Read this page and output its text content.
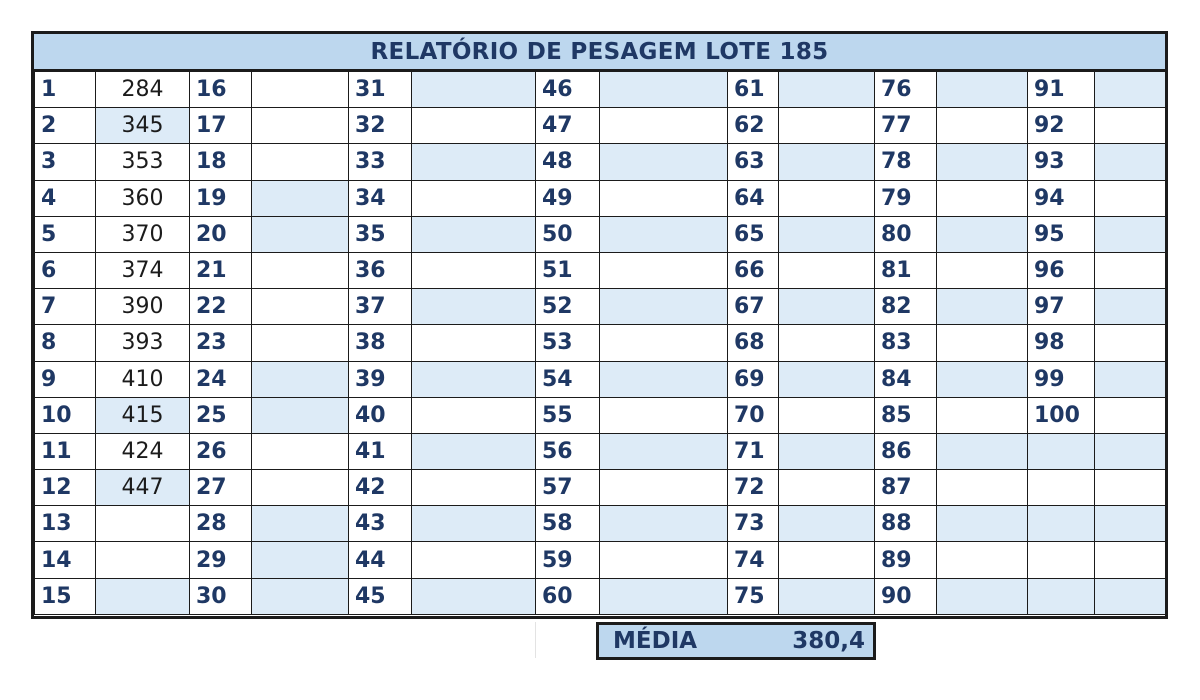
RELATÓRIO DE PESAGEM LOTE 185
1	284	16		31		46		61		76		91	
2	345	17		32		47		62		77		92	
3	353	18		33		48		63		78		93	
4	360	19		34		49		64		79		94	
5	370	20		35		50		65		80		95	
6	374	21		36		51		66		81		96	
7	390	22		37		52		67		82		97	
8	393	23		38		53		68		83		98	
9	410	24		39		54		69		84		99	
10	415	25		40		55		70		85		100	
11	424	26		41		56		71		86			
12	447	27		42		57		72		87			
13		28		43		58		73		88			
14		29		44		59		74		89			
15		30		45		60		75		90			
MÉDIA	380,4
